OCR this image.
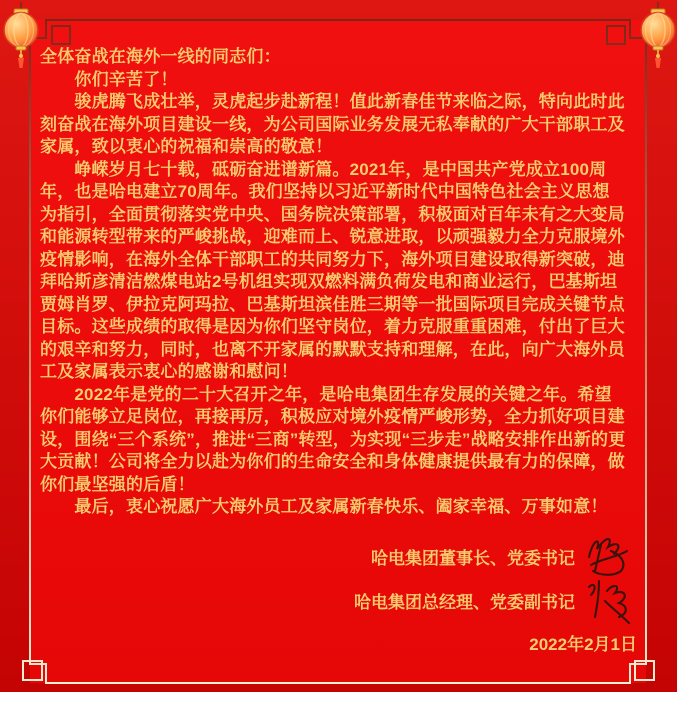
全体奋战在海外一线的同志们：
　　你们辛苦了！
　　骏虎腾飞成壮举，灵虎起步赴新程！值此新春佳节来临之际，特向此时此
刻奋战在海外项目建设一线，为公司国际业务发展无私奉献的广大干部职工及
家属，致以衷心的祝福和崇高的敬意！
　　峥嵘岁月七十载，砥砺奋进谱新篇。2021年，是中国共产党成立100周
年，也是哈电建立70周年。我们坚持以习近平新时代中国特色社会主义思想
为指引，全面贯彻落实党中央、国务院决策部署，积极面对百年未有之大变局
和能源转型带来的严峻挑战，迎难而上、锐意进取，以顽强毅力全力克服境外
疫情影响，在海外全体干部职工的共同努力下，海外项目建设取得新突破，迪
拜哈斯彦清洁燃煤电站2号机组实现双燃料满负荷发电和商业运行，巴基斯坦
贾姆肖罗、伊拉克阿玛拉、巴基斯坦滨佳胜三期等一批国际项目完成关键节点
目标。这些成绩的取得是因为你们坚守岗位，着力克服重重困难，付出了巨大
的艰辛和努力，同时，也离不开家属的默默支持和理解，在此，向广大海外员
工及家属表示衷心的感谢和慰问！
　　2022年是党的二十大召开之年，是哈电集团生存发展的关键之年。希望
你们能够立足岗位，再接再厉，积极应对境外疫情严峻形势，全力抓好项目建
设，围绕“三个系统”，推进“三商”转型，为实现“三步走”战略安排作出新的更
大贡献！公司将全力以赴为你们的生命安全和身体健康提供最有力的保障，做
你们最坚强的后盾！
　　最后，衷心祝愿广大海外员工及家属新春快乐、阖家幸福、万事如意！
哈电集团董事长、党委书记
哈电集团总经理、党委副书记
2022年2月1日
